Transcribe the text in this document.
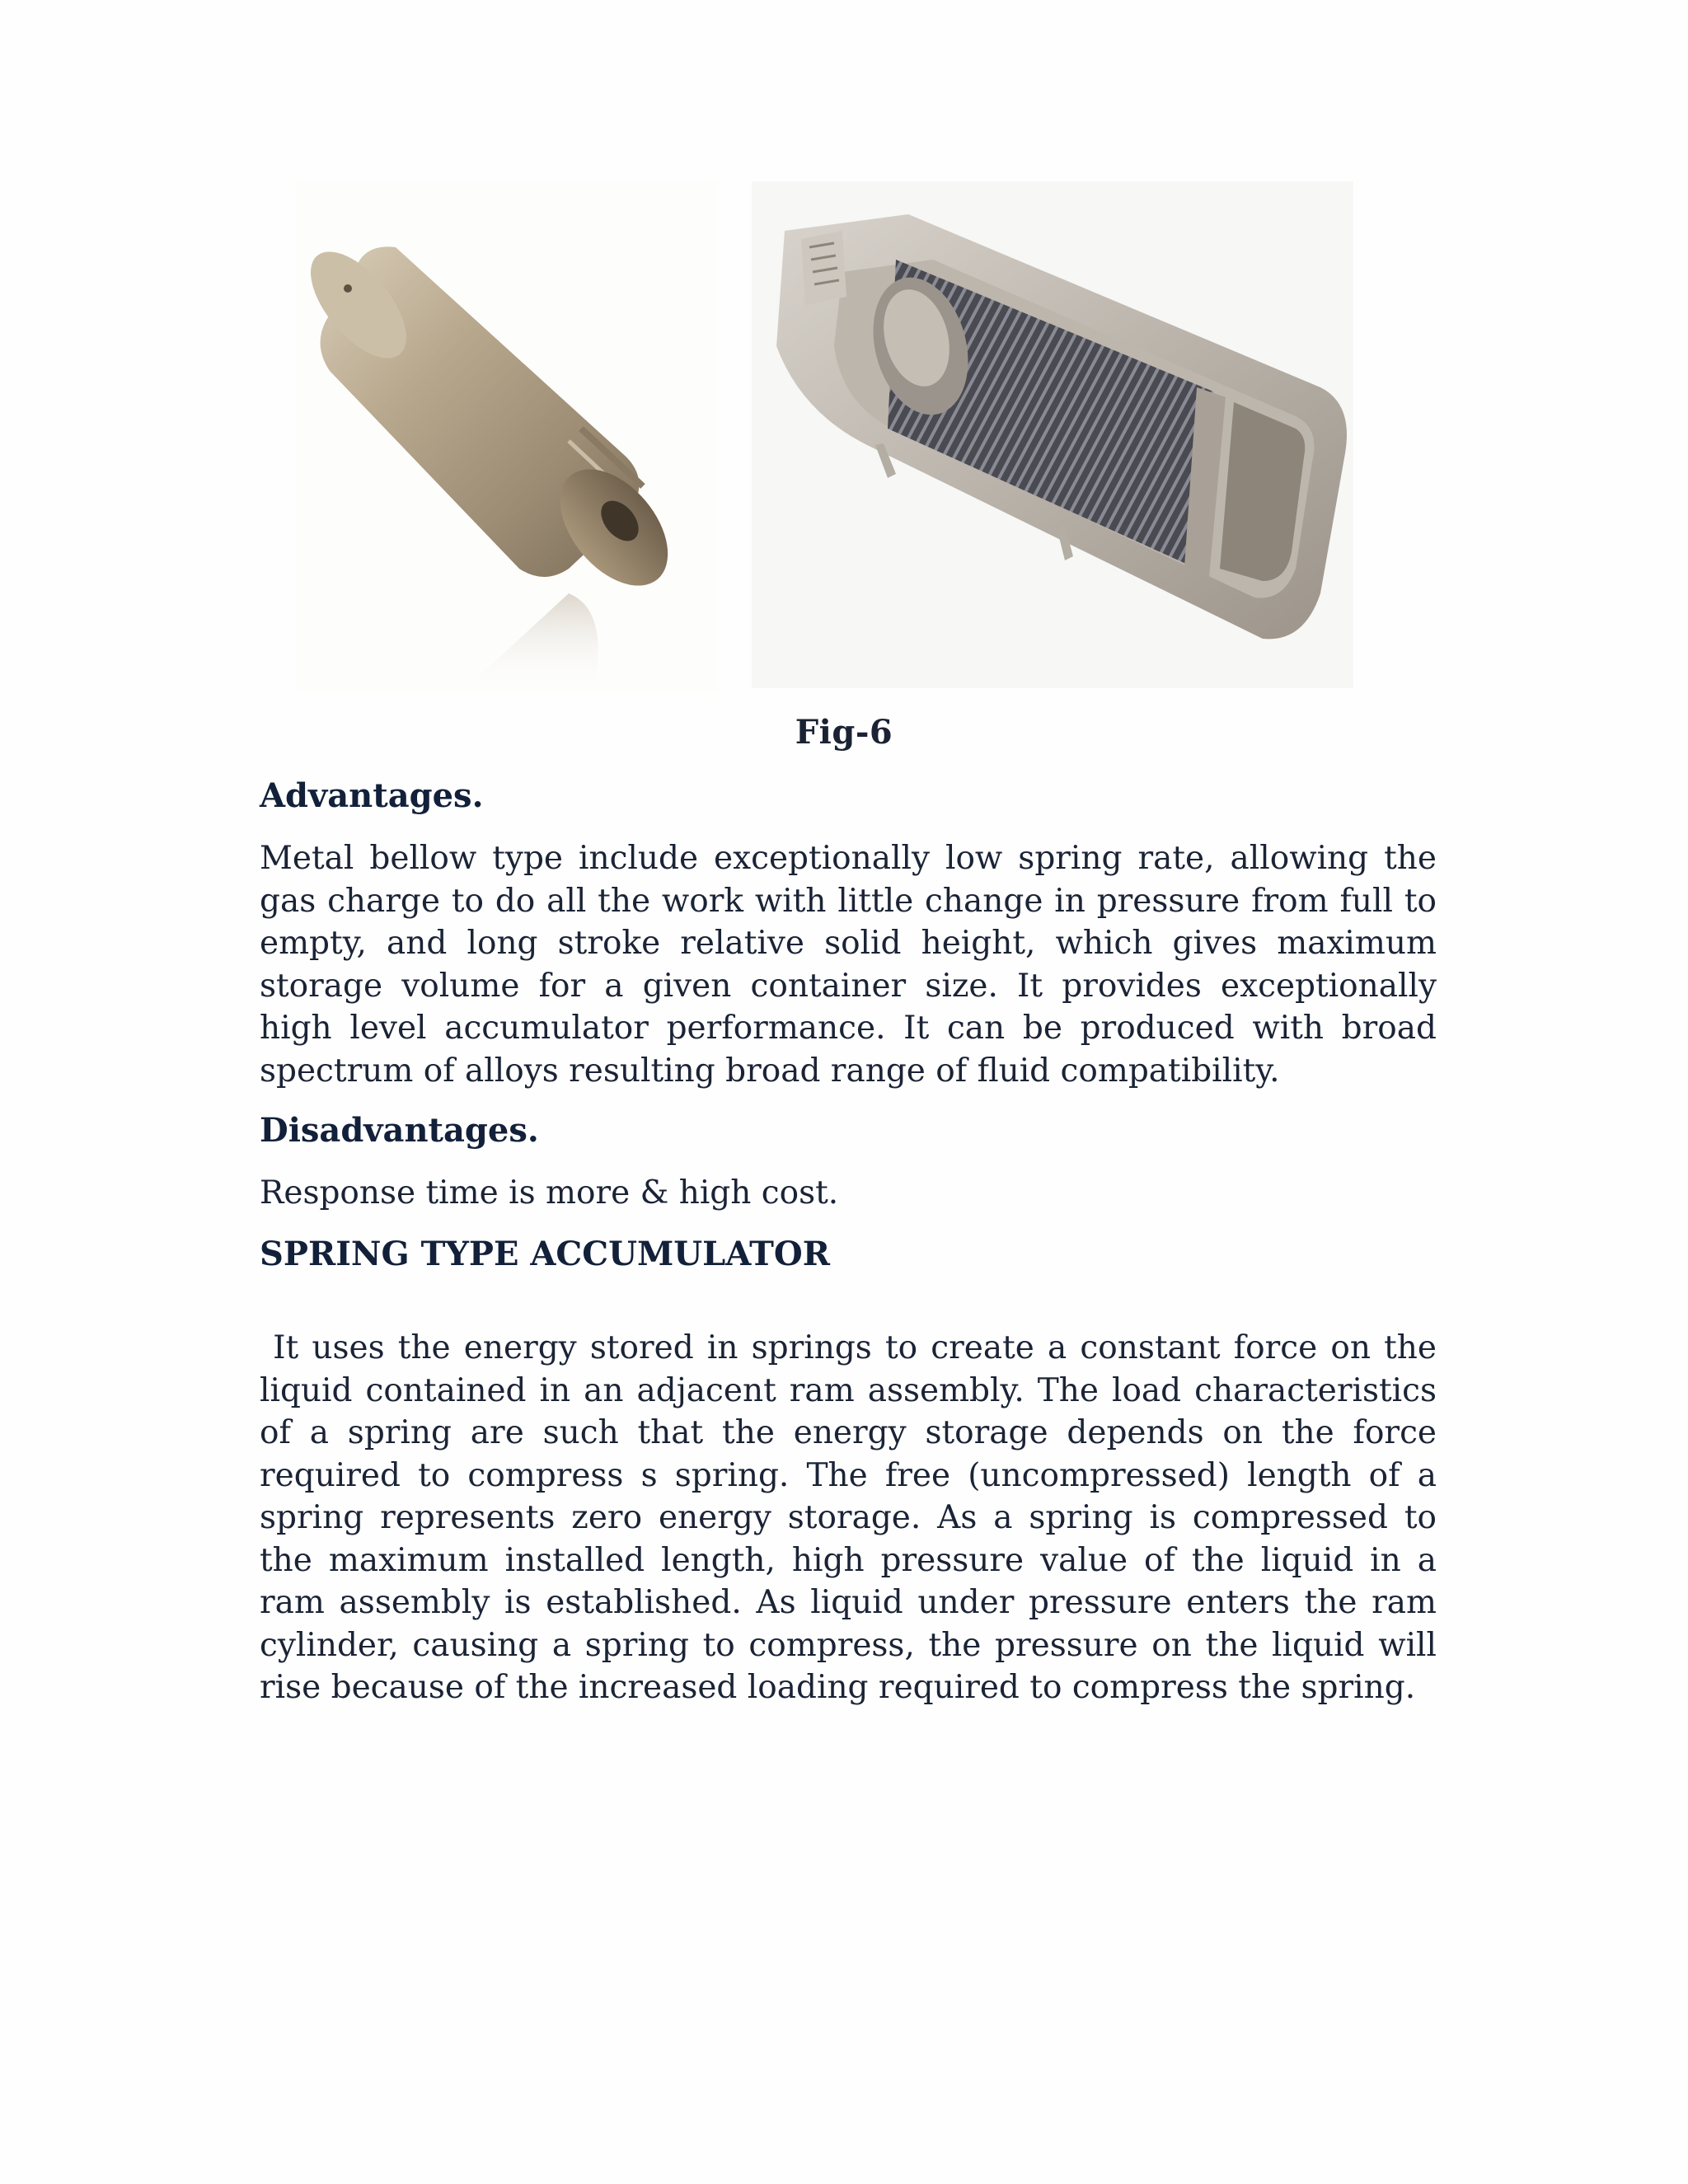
Fig-6
Advantages.

Metal bellow type include exceptionally low spring rate, allowing the gas charge to do all the work with little change in pressure from full to empty, and long stroke relative solid height, which gives maximum storage volume for a given container size. It provides exceptionally high level accumulator performance. It can be produced with broad spectrum of alloys resulting broad range of fluid compatibility.

Disadvantages.

Response time is more & high cost.

SPRING TYPE ACCUMULATOR

It uses the energy stored in springs to create a constant force on the liquid contained in an adjacent ram assembly. The load characteristics of a spring are such that the energy storage depends on the force required to compress s spring. The free (uncompressed) length of a spring represents zero energy storage. As a spring is compressed to the maximum installed length, high pressure value of the liquid in a ram assembly is established. As liquid under pressure enters the ram cylinder, causing a spring to compress, the pressure on the liquid will rise because of the increased loading required to compress the spring.
